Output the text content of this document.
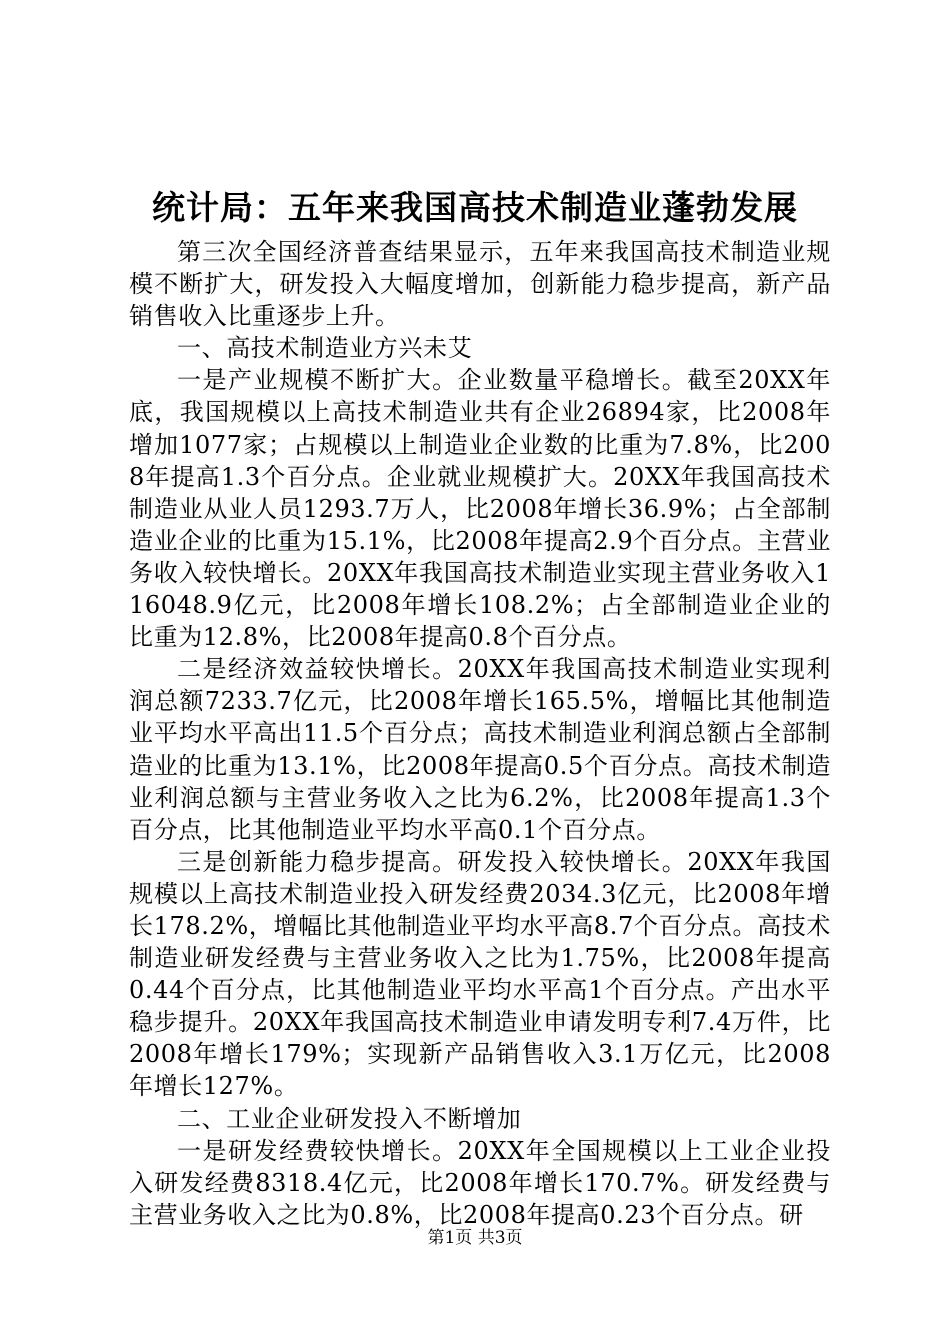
统计局：五年来我国高技术制造业蓬勃发展

第三次全国经济普查结果显示，五年来我国高技术制造业规模不断扩大，研发投入大幅度增加，创新能力稳步提高，新产品销售收入比重逐步上升。

一、高技术制造业方兴未艾

一是产业规模不断扩大。企业数量平稳增长。截至20XX年底，我国规模以上高技术制造业共有企业26894家，比2008年增加1077家；占规模以上制造业企业数的比重为7.8%，比2008年提高1.3个百分点。企业就业规模扩大。20XX年我国高技术制造业从业人员1293.7万人，比2008年增长36.9%；占全部制造业企业的比重为15.1%，比2008年提高2.9个百分点。主营业务收入较快增长。20XX年我国高技术制造业实现主营业务收入116048.9亿元，比2008年增长108.2%；占全部制造业企业的比重为12.8%，比2008年提高0.8个百分点。

二是经济效益较快增长。20XX年我国高技术制造业实现利润总额7233.7亿元，比2008年增长165.5%，增幅比其他制造业平均水平高出11.5个百分点；高技术制造业利润总额占全部制造业的比重为13.1%，比2008年提高0.5个百分点。高技术制造业利润总额与主营业务收入之比为6.2%，比2008年提高1.3个百分点，比其他制造业平均水平高0.1个百分点。

三是创新能力稳步提高。研发投入较快增长。20XX年我国规模以上高技术制造业投入研发经费2034.3亿元，比2008年增长178.2%，增幅比其他制造业平均水平高8.7个百分点。高技术制造业研发经费与主营业务收入之比为1.75%，比2008年提高0.44个百分点，比其他制造业平均水平高1个百分点。产出水平稳步提升。20XX年我国高技术制造业申请发明专利7.4万件，比2008年增长179%；实现新产品销售收入3.1万亿元，比2008年增长127%。

二、工业企业研发投入不断增加

一是研发经费较快增长。20XX年全国规模以上工业企业投入研发经费8318.4亿元，比2008年增长170.7%。研发经费与主营业务收入之比为0.8%，比2008年提高0.23个百分点。研

第1页 共3页
